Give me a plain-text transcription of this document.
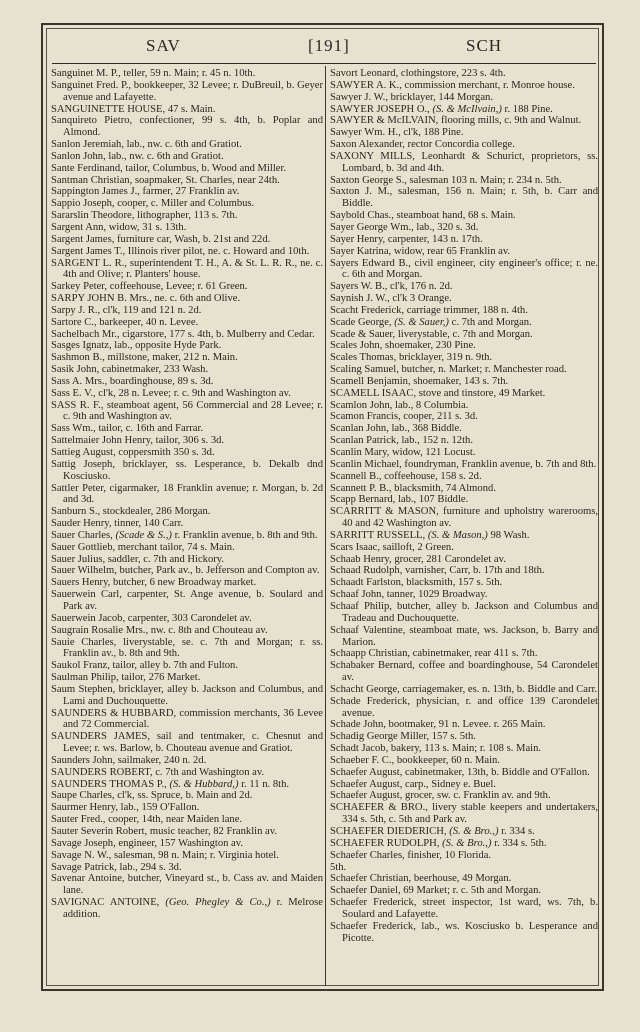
SAV	[191]	SCH
Sanguinet M. P., teller, 59 n. Main; r. 45 n. 10th.
Sanguinet Fred. P., bookkeeper, 32 Levee; r. DuBreuil, b. Geyer avenue and Lafayette.
SANGUINETTE HOUSE, 47 s. Main.
Sanquireto Pietro, confectioner, 99 s. 4th, b. Poplar and Almond.
Sanlon Jeremiah, lab., nw. c. 6th and Gratiot.
Sanlon John, lab., nw. c. 6th and Gratiot.
Sante Ferdinand, tailor, Columbus, b. Wood and Miller.
Santman Christian, soapmaker, St. Charles, near 24th.
Sappington James J., farmer, 27 Franklin av.
Sappio Joseph, cooper, c. Miller and Columbus.
Sararslin Theodore, lithographer, 113 s. 7th.
Sargent Ann, widow, 31 s. 13th.
Sargent James, furniture car, Wash, b. 21st and 22d.
Sargent James T., Illinois river pilot, ne. c. Howard and 10th.
SARGENT L. R., superintendent T. H., A. & St. L. R. R., ne. c. 4th and Olive; r. Planters' house.
Sarkey Peter, coffeehouse, Levee; r. 61 Green.
SARPY JOHN B. Mrs., ne. c. 6th and Olive.
Sarpy J. R., cl'k, 119 and 121 n. 2d.
Sartore C., barkeeper, 40 n. Levee.
Sachelbach Mr., cigarstore, 177 s. 4th, b. Mulberry and Cedar.
Sasges Ignatz, lab., opposite Hyde Park.
Sashmon B., millstone, maker, 212 n. Main.
Sasik John, cabinetmaker, 233 Wash.
Sass A. Mrs., boardinghouse, 89 s. 3d.
Sass E. V., cl'k, 28 n. Levee; r. c. 9th and Washington av.
SASS R. F., steamboat agent, 56 Commercial and 28 Levee; r. c. 9th and Washington av.
Sass Wm., tailor, c. 16th and Farrar.
Sattelmaier John Henry, tailor, 306 s. 3d.
Sattieg August, coppersmith 350 s. 3d.
Sattig Joseph, bricklayer, ss. Lesperance, b. Dekalb dnd Kosciusko.
Sattler Peter, cigarmaker, 18 Franklin avenue; r. Morgan, b. 2d and 3d.
Sanburn S., stockdealer, 286 Morgan.
Sauder Henry, tinner, 140 Carr.
Sauer Charles, (Scade & S.,) r. Franklin avenue, b. 8th and 9th.
Sauer Gottlieb, merchant tailor, 74 s. Main.
Sauer Julius, saddler, c. 7th and Hickory.
Sauer Wilhelm, butcher, Park av., b. Jefferson and Compton av.
Sauers Henry, butcher, 6 new Broadway market.
Sauerwein Carl, carpenter, St. Ange avenue, b. Soulard and Park av.
Sauerwein Jacob, carpenter, 303 Carondelet av.
Saugrain Rosalie Mrs., nw. c. 8th and Chouteau av.
Sauie Charles, liverystable, se. c. 7th and Morgan; r. ss. Franklin av., b. 8th and 9th.
Saukol Franz, tailor, alley b. 7th and Fulton.
Saulman Philip, tailor, 276 Market.
Saum Stephen, bricklayer, alley b. Jackson and Columbus, and Lami and Duchouquette.
SAUNDERS & HUBBARD, commission merchants, 36 Levee and 72 Commercial.
SAUNDERS JAMES, sail and tentmaker, c. Chesnut and Levee; r. ws. Barlow, b. Chouteau avenue and Gratiot.
Saunders John, sailmaker, 240 n. 2d.
SAUNDERS ROBERT, c. 7th and Washington av.
SAUNDERS THOMAS P., (S. & Hubbard,) r. 11 n. 8th.
Saupe Charles, cl'k, ss. Spruce, b. Main and 2d.
Saurmer Henry, lab., 159 O'Fallon.
Sauter Fred., cooper, 14th, near Maiden lane.
Sauter Severin Robert, music teacher, 82 Franklin av.
Savage Joseph, engineer, 157 Washington av.
Savage N. W., salesman, 98 n. Main; r. Virginia hotel.
Savage Patrick, lab., 294 s. 3d.
Savenar Antoine, butcher, Vineyard st., b. Cass av. and Maiden lane.
SAVIGNAC ANTOINE, (Geo. Phegley & Co.,) r. Melrose addition.
Savort Leonard, clothingstore, 223 s. 4th.
SAWYER A. K., commission merchant, r. Monroe house.
Sawyer J. W., bricklayer, 144 Morgan.
SAWYER JOSEPH O., (S. & McIlvain,) r. 188 Pine.
SAWYER & McILVAIN, flooring mills, c. 9th and Walnut.
Sawyer Wm. H., cl'k, 188 Pine.
Saxon Alexander, rector Concordia college.
SAXONY MILLS, Leonhardt & Schurict, proprietors, ss. Lombard, b. 3d and 4th.
Saxton George S., salesman 103 n. Main; r. 234 n. 5th.
Saxton J. M., salesman, 156 n. Main; r. 5th, b. Carr and Biddle.
Saybold Chas., steamboat hand, 68 s. Main.
Sayer George Wm., lab., 320 s. 3d.
Sayer Henry, carpenter, 143 n. 17th.
Sayer Katrina, widow, rear 65 Franklin av.
Sayers Edward B., civil engineer, city engineer's office; r. ne. c. 6th and Morgan.
Sayers W. B., cl'k, 176 n. 2d.
Saynish J. W., cl'k 3 Orange.
Scacht Frederick, carriage trimmer, 188 n. 4th.
Scade George, (S. & Sauer,) c. 7th and Morgan.
Scade & Sauer, liverystable, c. 7th and Morgan.
Scales John, shoemaker, 230 Pine.
Scales Thomas, bricklayer, 319 n. 9th.
Scaling Samuel, butcher, n. Market; r. Manchester road.
Scamell Benjamin, shoemaker, 143 s. 7th.
SCAMELL ISAAC, stove and tinstore, 49 Market.
Scamlon John, lab., 8 Columbia.
Scamon Francis, cooper, 211 s. 3d.
Scanlan John, lab., 368 Biddle.
Scanlan Patrick, lab., 152 n. 12th.
Scanlin Mary, widow, 121 Locust.
Scanlin Michael, foundryman, Franklin avenue, b. 7th and 8th.
Scannell B., coffeehouse, 158 s. 2d.
Scannett P. B., blacksmith, 74 Almond.
Scapp Bernard, lab., 107 Biddle.
SCARRITT & MASON, furniture and upholstry warerooms, 40 and 42 Washington av.
SARRITT RUSSELL, (S. & Mason,) 98 Wash.
Scars Isaac, sailloft, 2 Green.
Schaab Henry, grocer, 281 Carondelet av.
Schaad Rudolph, varnisher, Carr, b. 17th and 18th.
Schaadt Farlston, blacksmith, 157 s. 5th.
Schaaf John, tanner, 1029 Broadway.
Schaaf Philip, butcher, alley b. Jackson and Columbus and Tradeau and Duchouquette.
Schaaf Valentine, steamboat mate, ws. Jackson, b. Barry and Marion.
Schaapp Christian, cabinetmaker, rear 411 s. 7th.
Schabaker Bernard, coffee and boardinghouse, 54 Carondelet av.
Schacht George, carriagemaker, es. n. 13th, b. Biddle and Carr.
Schade Frederick, physician, r. and office 139 Carondelet avenue.
Schade John, bootmaker, 91 n. Levee. r. 265 Main.
Schadig George Miller, 157 s. 5th.
Schadt Jacob, bakery, 113 s. Main; r. 108 s. Main.
Schaeber F. C., bookkeeper, 60 n. Main.
Schaefer August, cabinetmaker, 13th, b. Biddle and O'Fallon.
Schaefer August, carp., Sidney e. Buel.
Schaefer August, grocer, sw. c. Franklin av. and 9th.
SCHAEFER & BRO., livery stable keepers and undertakers, 334 s. 5th, c. 5th and Park av.
SCHAEFER DIEDERICH, (S. & Bro.,) r. 334 s.
SCHAEFER RUDOLPH, (S. & Bro.,) r. 334 s. 5th.
Schaefer Charles, finisher, 10 Florida.
5th.
Schaefer Christian, beerhouse, 49 Morgan.
Schaefer Daniel, 69 Market; r. c. 5th and Morgan.
Schaefer Frederick, street inspector, 1st ward, ws. 7th, b. Soulard and Lafayette.
Schaefer Frederick, lab., ws. Kosciusko b. Lesperance and Picotte.
